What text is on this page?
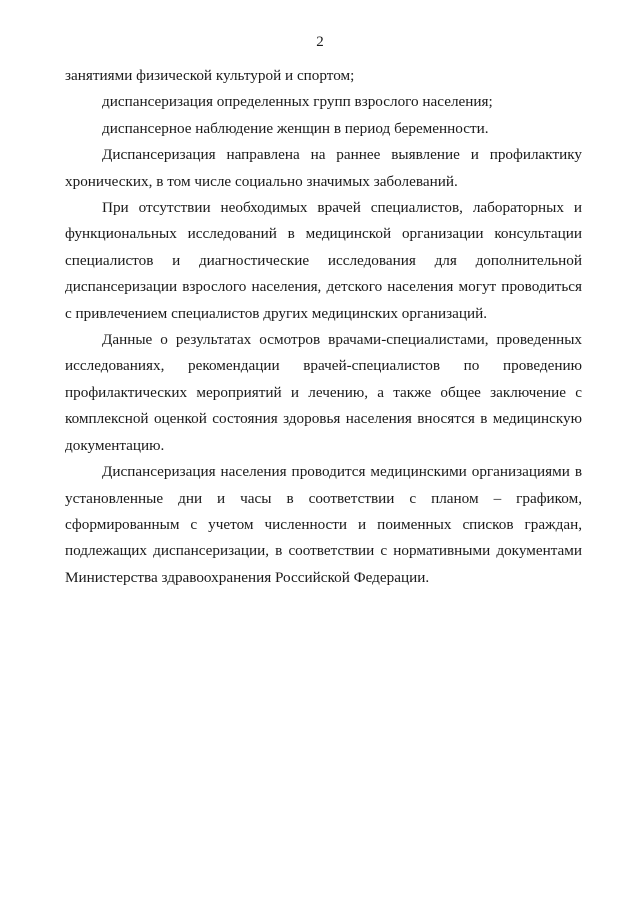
2

занятиями физической культурой и спортом;

диспансеризация определенных групп взрослого населения;

диспансерное наблюдение женщин в период беременности.

Диспансеризация направлена на раннее выявление и профилактику хронических, в том числе социально значимых заболеваний.

При отсутствии необходимых врачей специалистов, лабораторных и функциональных исследований в медицинской организации консультации специалистов и диагностические исследования для дополнительной диспансеризации взрослого населения, детского населения могут проводиться с привлечением специалистов других медицинских организаций.

Данные о результатах осмотров врачами-специалистами, проведенных исследованиях, рекомендации врачей-специалистов по проведению профилактических мероприятий и лечению, а также общее заключение с комплексной оценкой состояния здоровья населения вносятся в медицинскую документацию.

Диспансеризация населения проводится медицинскими организациями в установленные дни и часы в соответствии с планом – графиком, сформированным с учетом численности и поименных списков граждан, подлежащих диспансеризации, в соответствии с нормативными документами Министерства здравоохранения Российской Федерации.
